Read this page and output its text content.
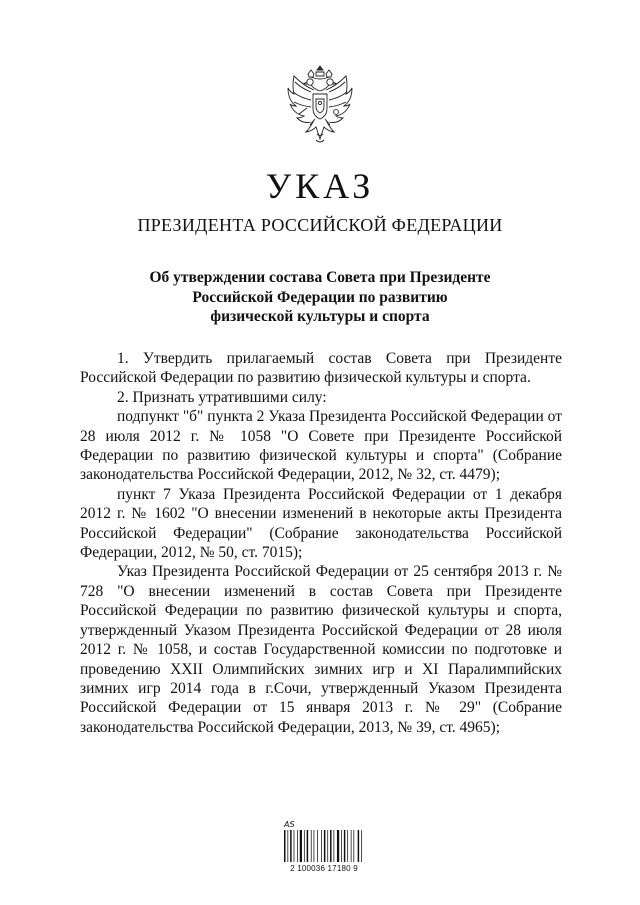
УКАЗ
ПРЕЗИДЕНТА РОССИЙСКОЙ ФЕДЕРАЦИИ
Об утверждении состава Совета при Президенте
Российской Федерации по развитию
физической культуры и спорта

1. Утвердить прилагаемый состав Совета при Президенте Российской Федерации по развитию физической культуры и спорта.

2. Признать утратившими силу:

подпункт "б" пункта 2 Указа Президента Российской Федерации от 28 июля 2012 г. № 1058 "О Совете при Президенте Российской Федерации по развитию физической культуры и спорта" (Собрание законодательства Российской Федерации, 2012, № 32, ст. 4479);

пункт 7 Указа Президента Российской Федерации от 1 декабря 2012 г. № 1602 "О внесении изменений в некоторые акты Президента Российской Федерации" (Собрание законодательства Российской Федерации, 2012, № 50, ст. 7015);

Указ Президента Российской Федерации от 25 сентября 2013 г. № 728 "О внесении изменений в состав Совета при Президенте Российской Федерации по развитию физической культуры и спорта, утвержденный Указом Президента Российской Федерации от 28 июля 2012 г. № 1058, и состав Государственной комиссии по подготовке и проведению XXII Олимпийских зимних игр и XI Паралимпийских зимних игр 2014 года в г.Сочи, утвержденный Указом Президента Российской Федерации от 15 января 2013 г. № 29" (Собрание законодательства Российской Федерации, 2013, № 39, ст. 4965);

AS
2 100036 17180 9
